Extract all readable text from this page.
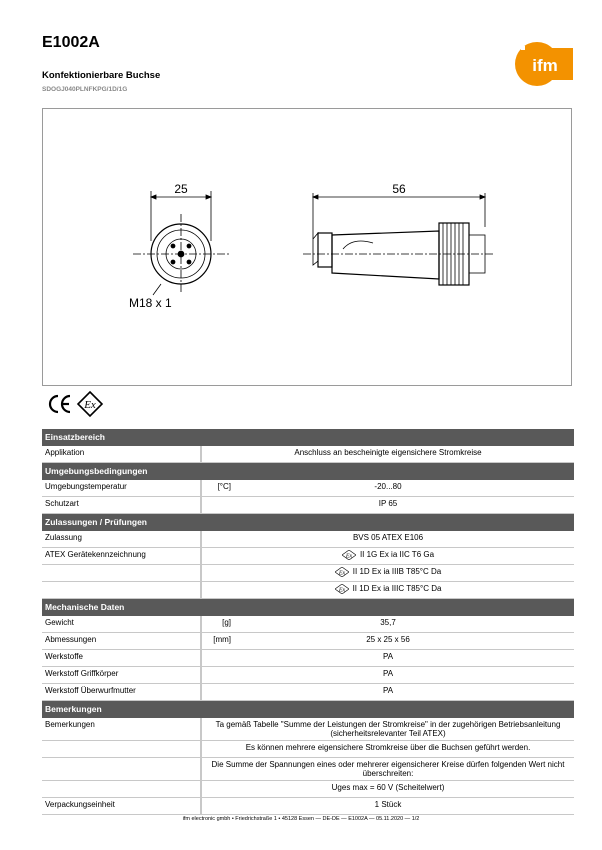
E1002A
Konfektionierbare Buchse
SDOGJ040PLNFKPG/1D/1G
ifm
25
M18 x 1
56
Ex
Einsatzbereich
Applikation	Anschluss an bescheinigte eigensichere Stromkreise
Umgebungsbedingungen
Umgebungstemperatur	[°C]	-20...80
Schutzart	IP 65
Zulassungen / Prüfungen
Zulassung	BVS 05 ATEX E106
ATEX Gerätekennzeichnung	Ex II 1G Ex ia IIC T6 Ga
Ex II 1D Ex ia IIIB T85°C Da
Ex II 1D Ex ia IIIC T85°C Da
Mechanische Daten
Gewicht	[g]	35,7
Abmessungen	[mm]	25 x 25 x 56
Werkstoffe	PA
Werkstoff Griffkörper	PA
Werkstoff Überwurfmutter	PA
Bemerkungen
Bemerkungen	Ta gemäß Tabelle "Summe der Leistungen der Stromkreise" in der zugehörigen Betriebsanleitung (sicherheitsrelevanter Teil ATEX)
Es können mehrere eigensichere Stromkreise über die Buchsen geführt werden.
Die Summe der Spannungen eines oder mehrerer eigensicherer Kreise dürfen folgenden Wert nicht überschreiten:
Uges max = 60 V (Scheitelwert)
Verpackungseinheit	1 Stück
ifm electronic gmbh • Friedrichstraße 1 • 45128 Essen — DE-DE — E1002A — 05.11.2020 — 1/2
